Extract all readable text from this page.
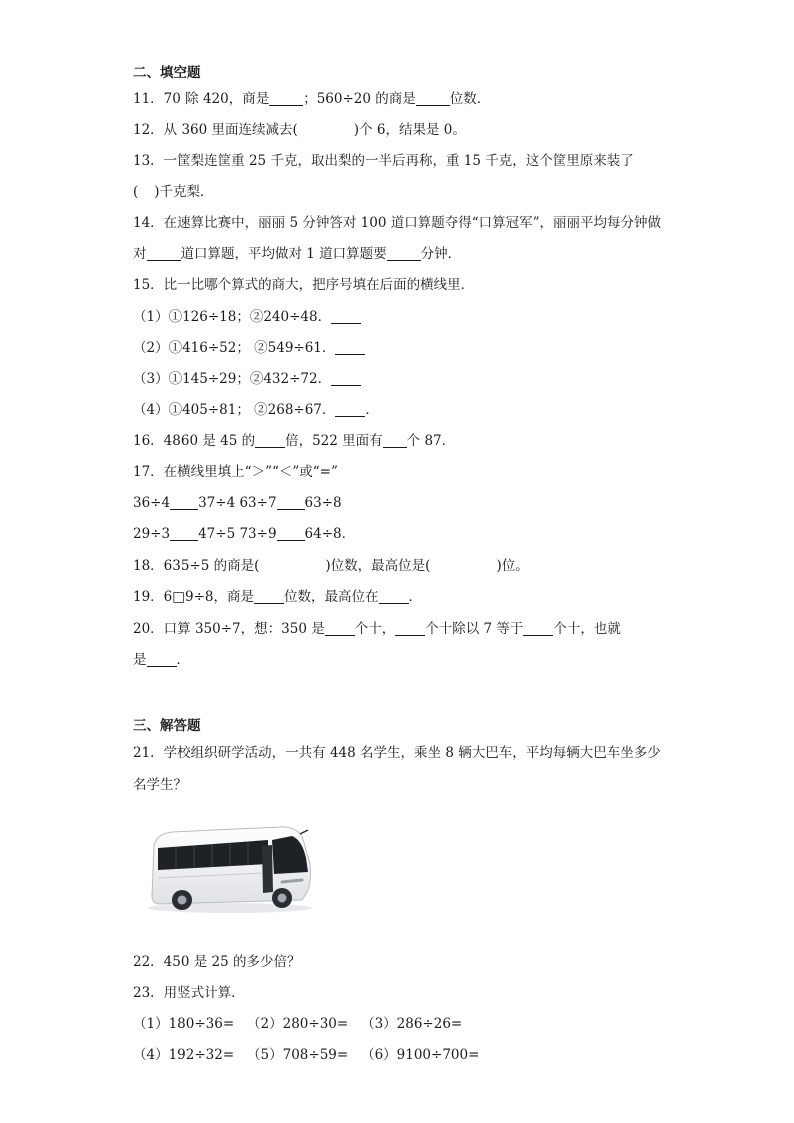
二、填空题
11．70 除 420，商是	；560÷20 的商是	位数．
12．从 360 里面连续减去(	)个 6，结果是 0。
13．一筐梨连筐重 25 千克，取出梨的一半后再称，重 15 千克，这个筐里原来装了
( )千克梨．
14．在速算比赛中，丽丽 5 分钟答对 100 道口算题夺得“口算冠军”，丽丽平均每分钟做
对	道口算题，平均做对 1 道口算题要	分钟．
15．比一比哪个算式的商大，把序号填在后面的横线里．
（1）①126÷18；②240÷48．
（2）①416÷52； ②549÷61．
（3）①145÷29；②432÷72．
（4）①405÷81； ②268÷67． ．
16．4860 是 45 的 倍，522 里面有 个 87．
17．在横线里填上“＞”“＜”或“=”
36÷4 37÷4 63÷7 63÷8
29÷3 47÷5 73÷9 64÷8．
18．635÷5 的商是(	)位数，最高位是(	)位。
19．6□9÷8，商是 位数，最高位在 ．
20．口算 350÷7，想：350 是 个十， 个十除以 7 等于 个十，也就
是 ．
三、解答题
21．学校组织研学活动，一共有 448 名学生，乘坐 8 辆大巴车，平均每辆大巴车坐多少
名学生？
22．450 是 25 的多少倍？
23．用竖式计算．
（1）180÷36=   （2）280÷30=   （3）286÷26=
（4）192÷32=   （5）708÷59=   （6）9100÷700=
